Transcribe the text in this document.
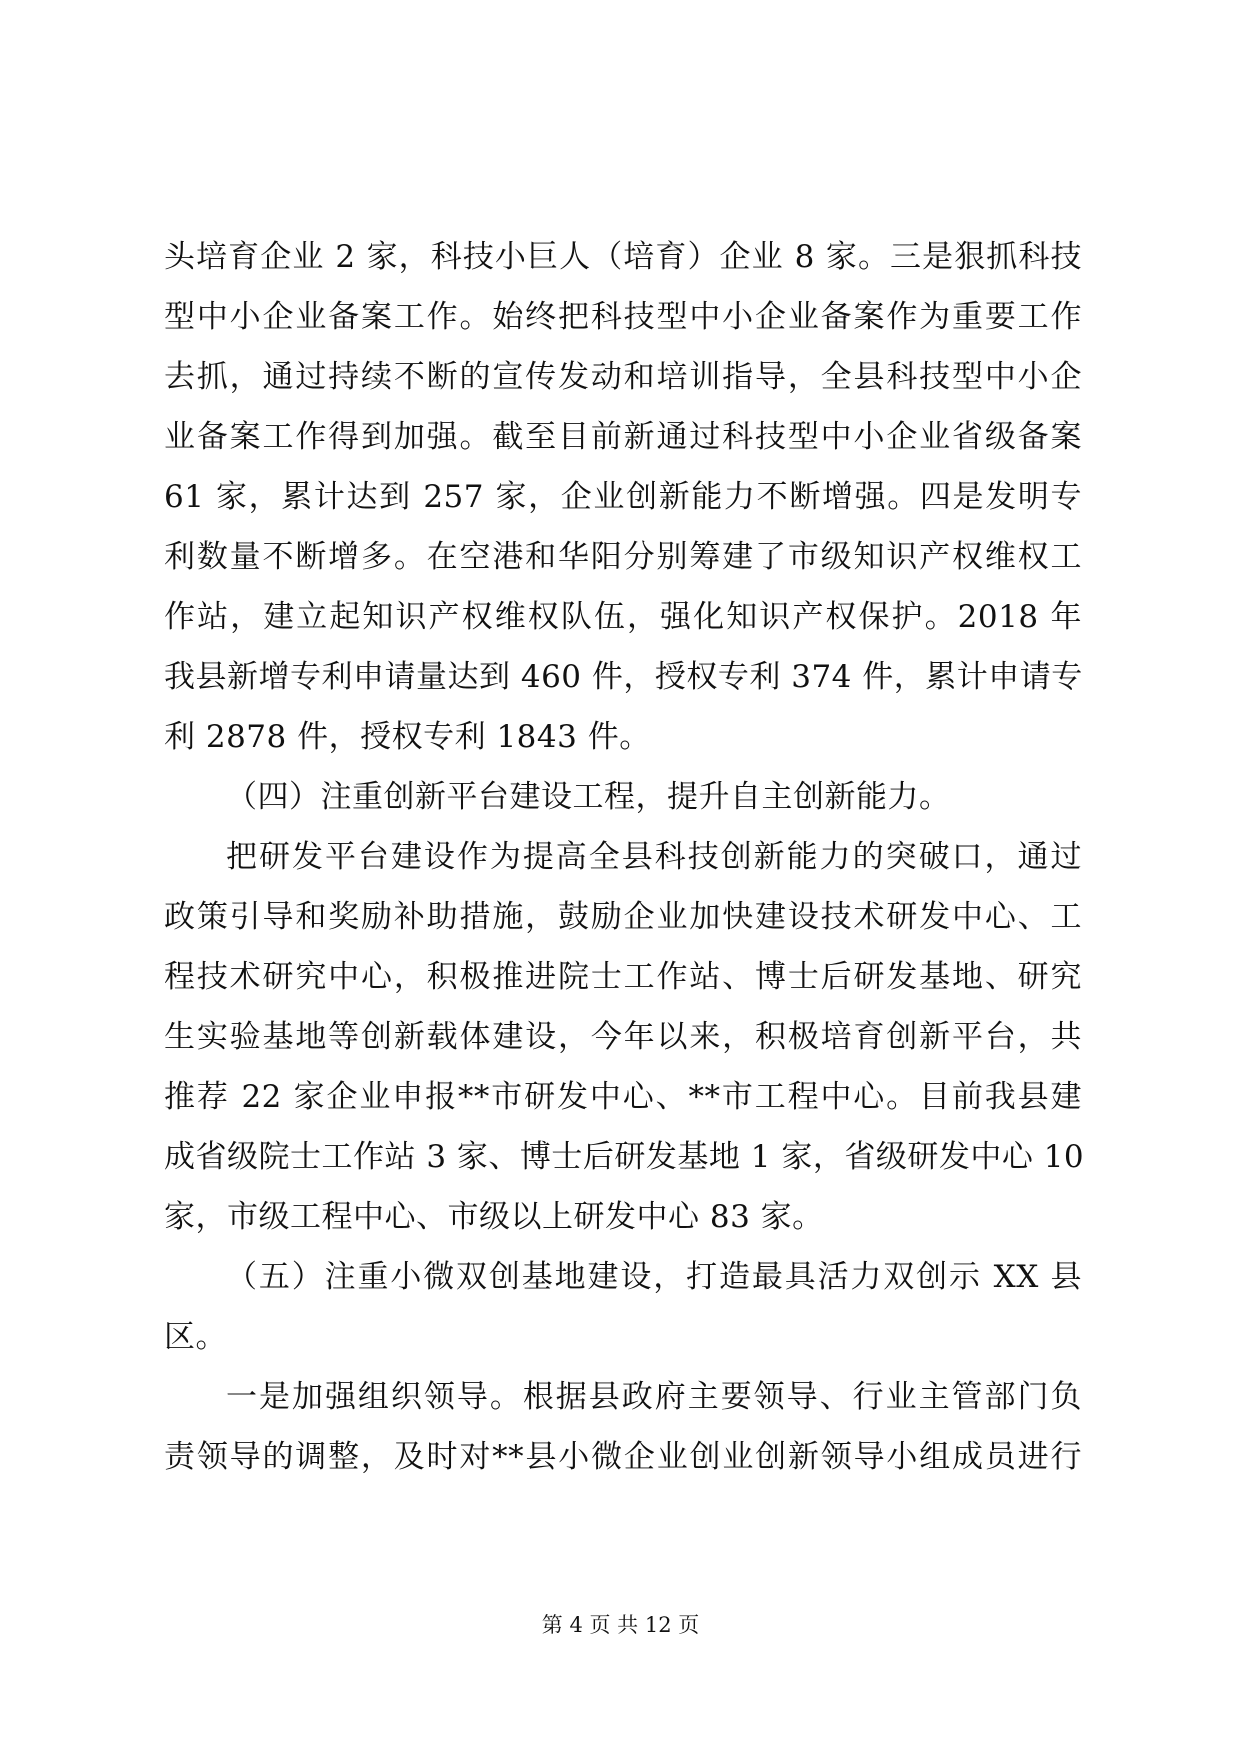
头培育企业 2 家，科技小巨人（培育）企业 8 家。三是狠抓科技
型中小企业备案工作。始终把科技型中小企业备案作为重要工作
去抓，通过持续不断的宣传发动和培训指导，全县科技型中小企
业备案工作得到加强。截至目前新通过科技型中小企业省级备案
61 家，累计达到 257 家，企业创新能力不断增强。四是发明专
利数量不断增多。在空港和华阳分别筹建了市级知识产权维权工
作站，建立起知识产权维权队伍，强化知识产权保护。2018 年
我县新增专利申请量达到 460 件，授权专利 374 件，累计申请专
利 2878 件，授权专利 1843 件。
（四）注重创新平台建设工程，提升自主创新能力。
把研发平台建设作为提高全县科技创新能力的突破口，通过
政策引导和奖励补助措施，鼓励企业加快建设技术研发中心、工
程技术研究中心，积极推进院士工作站、博士后研发基地、研究
生实验基地等创新载体建设，今年以来，积极培育创新平台，共
推荐 22 家企业申报**市研发中心、**市工程中心。目前我县建
成省级院士工作站 3 家、博士后研发基地 1 家，省级研发中心 10
家，市级工程中心、市级以上研发中心 83 家。
（五）注重小微双创基地建设，打造最具活力双创示 XX 县
区。
一是加强组织领导。根据县政府主要领导、行业主管部门负
责领导的调整，及时对**县小微企业创业创新领导小组成员进行
第 4 页 共 12 页
